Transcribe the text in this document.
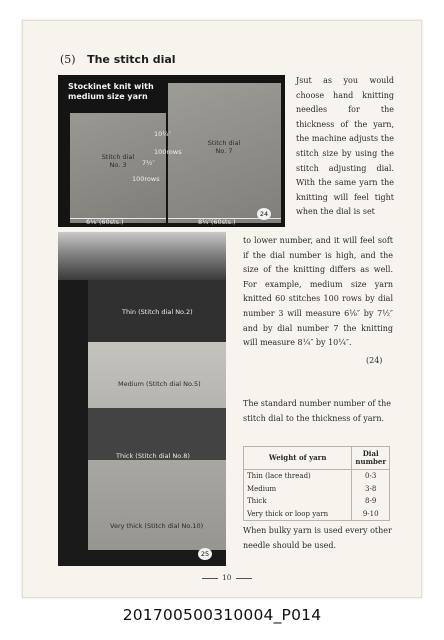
(5) The stitch dial
Stockinet knit with
medium size yarn
Stitch dial
No. 3
Stitch dial
No. 7
6⅛″(60sts.)	8¼″(60sts.)
10¼″
7½″
100rows
100rows
24
Jsut as you would choose hand knitting needles for the thickness of the yarn, the machine adjusts the stitch size by using the stitch adjusting dial. With the same yarn the knitting will feel tight when the dial is set
to lower number, and it will feel soft if the dial number is high, and the size of the knitting differs as well. For example, medium size yarn knitted 60 stitches 100 rows by dial number 3 will measure 6⅛″ by 7½″ and by dial number 7 the knitting will measure 8¼″ by 10¼″.
(24)
Thin (Stitch dial No.2)
Medium (Stitch dial No.5)
Thick (Stitch dial No.8)
Very thick (Stitch dial No.10)
25
The standard number number of the stitch dial to the thickness of yarn.
Weight of yarn	Dial number
Thin (lace thread)	0-3
Medium	3-8
Thick	8-9
Very thick or loop yarn	9-10
When bulky yarn is used every other needle should be used.
10
201700500310004_P014
